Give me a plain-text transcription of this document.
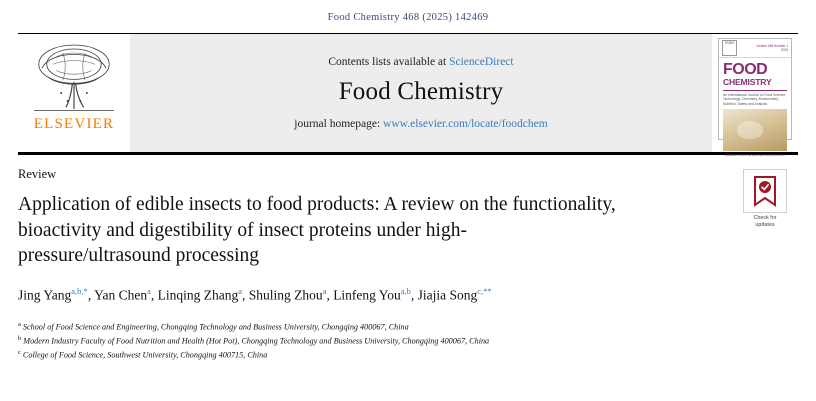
Food Chemistry 468 (2025) 142469
ELSEVIER
Contents lists available at ScienceDirect
Food Chemistry
journal homepage: www.elsevier.com/locate/foodchem
ISSN
Volume 468 Number 1 2025
FOOD
CHEMISTRY
An International Journal on Food Science, Technology, Chemistry, Biochemistry, Nutrition, Safety and Analysis
Available online at www.sciencedirect.com
Check for
updates
Review
Application of edible insects to food products: A review on the functionality, bioactivity and digestibility of insect proteins under high-pressure/ultrasound processing
Jing Yang$^{a,b,*}$, Yan Chen$^a$, Linqing Zhang$^a$, Shuling Zhou$^a$, Linfeng You$^{a,b}$, Jiajia Song$^{c,**}$
$^a$ School of Food Science and Engineering, Chongqing Technology and Business University, Chongqing 400067, China
$^b$ Modern Industry Faculty of Food Nutrition and Health (Hot Pot), Chongqing Technology and Business University, Chongqing 400067, China
$^c$ College of Food Science, Southwest University, Chongqing 400715, China
